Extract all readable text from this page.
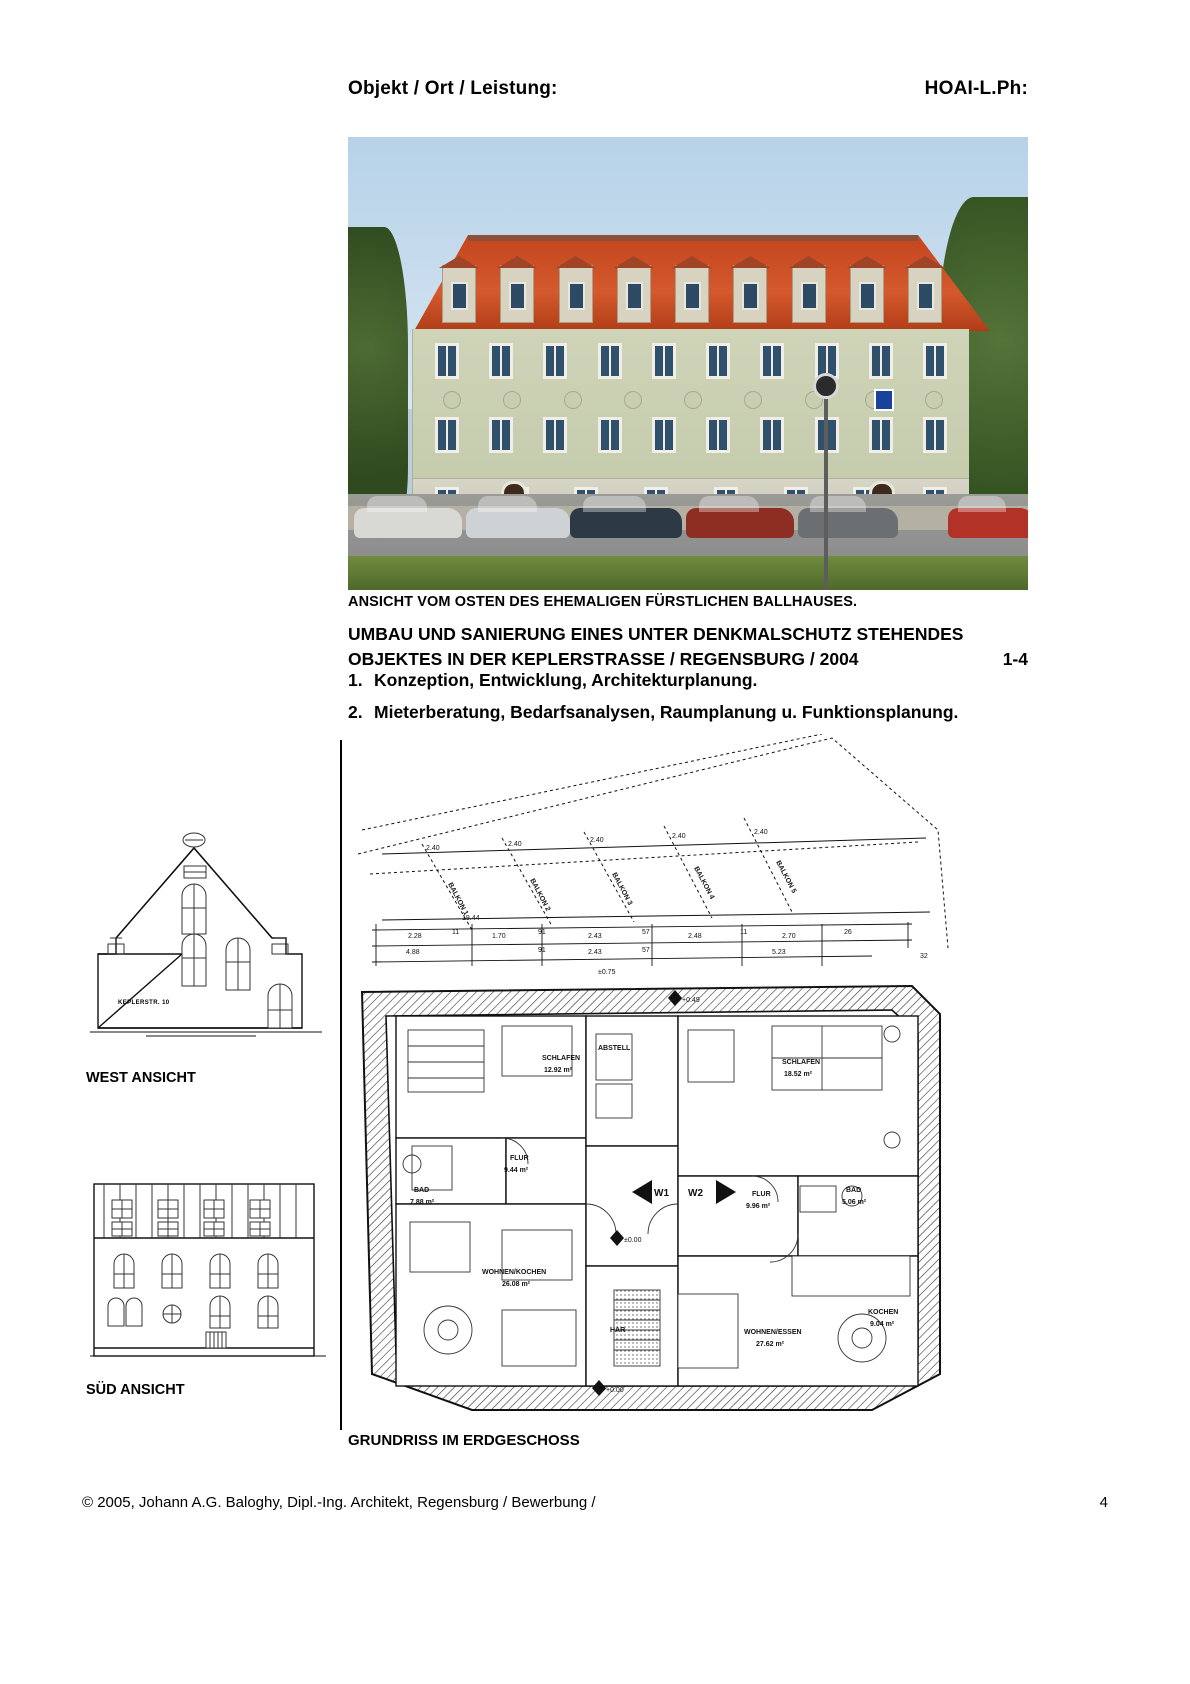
Objekt / Ort / Leistung:	HOAI-L.Ph:
ANSICHT VOM OSTEN DES EHEMALIGEN FÜRSTLICHEN BALLHAUSES.
UMBAU UND SANIERUNG EINES UNTER DENKMALSCHUTZ STEHENDES
OBJEKTES IN DER KEPLERSTRASSE / REGENSBURG / 2004	1-4
1. Konzeption, Entwicklung, Architekturplanung.
2. Mieterberatung, Bedarfsanalysen, Raumplanung u. Funktionsplanung.
KEPLERSTR. 10
WEST ANSICHT
SÜD ANSICHT
BALKON 1	BALKON 2	BALKON 3	BALKON 4	BALKON 5
2.40
2.40
2.40
2.40
2.40
19.44
2.28
11
1.70
91
2.43
57
2.48
11
2.70
26
4.88	91	2.43	57	5.23
±0.75
32
W1 W2
±0.00
+0.49
+0.00
SCHLAFEN
12.92 m²
SCHLAFEN
18.52 m²
FLUR
9.44 m²
FLUR
9.96 m²
BAD
7.88 m²
BAD
5.06 m²
WOHNEN/KOCHEN
26.08 m²
WOHNEN/ESSEN
27.62 m²
KOCHEN
9.04 m²
HAR
ABSTELL
GRUNDRISS IM ERDGESCHOSS
© 2005, Johann A.G. Baloghy, Dipl.-Ing. Architekt, Regensburg / Bewerbung /	4
